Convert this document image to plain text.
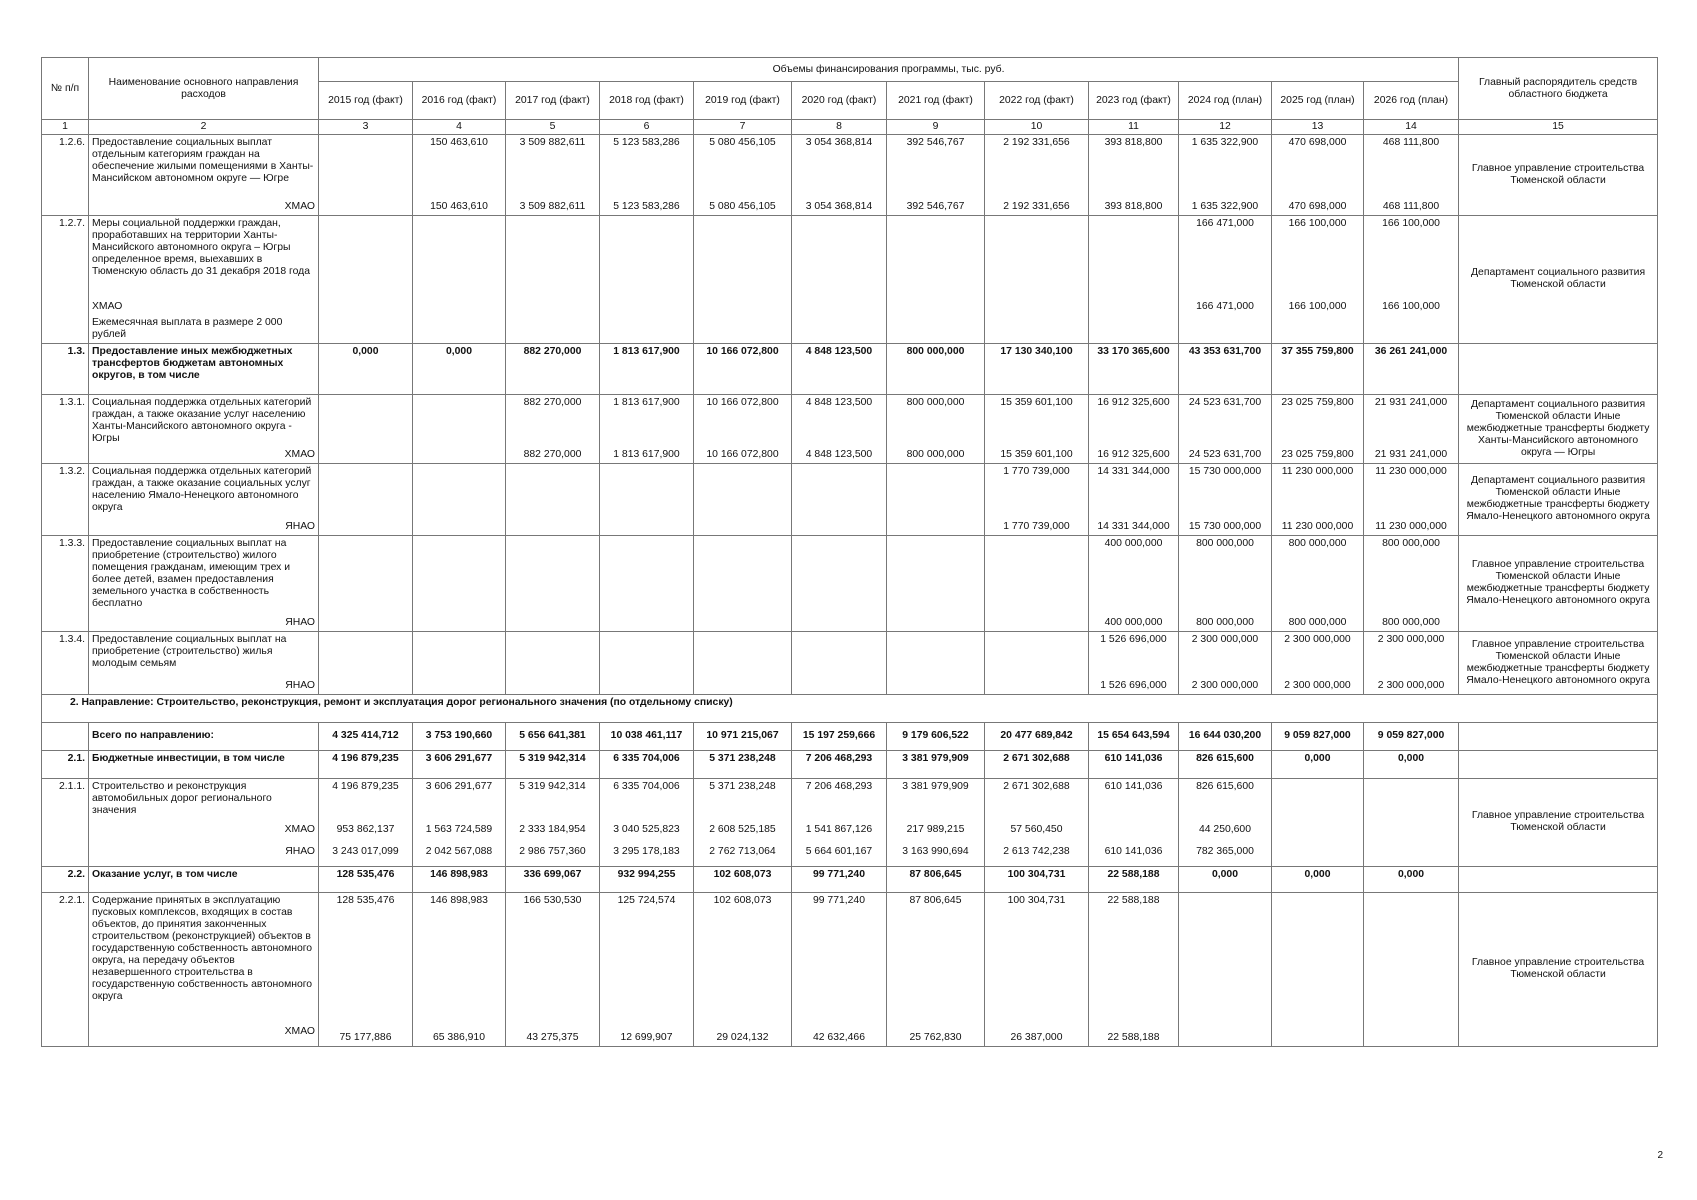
№ п/п	Наименование основного направления расходов	Объемы финансирования программы, тыс. руб.												Главный распорядитель средств областного бюджета
		2015 год (факт)	2016 год (факт)	2017 год (факт)	2018 год (факт)	2019 год (факт)	2020 год (факт)	2021 год (факт)	2022 год (факт)	2023 год (факт)	2024 год (план)	2025 год (план)	2026 год (план)	
1	2	3	4	5	6	7	8	9	10	11	12	13	14	15
1.2.6.	Предоставление социальных выплат отдельным категориям граждан на обеспечение жилыми помещениями в Ханты-Мансийском автономном округе — Югре		150 463,610	3 509 882,611	5 123 583,286	5 080 456,105	3 054 368,814	392 546,767	2 192 331,656	393 818,800	1 635 322,900	470 698,000	468 111,800	Главное управление строительства Тюменской области
	ХМАО		150 463,610	3 509 882,611	5 123 583,286	5 080 456,105	3 054 368,814	392 546,767	2 192 331,656	393 818,800	1 635 322,900	470 698,000	468 111,800	
1.2.7.	Меры социальной поддержки граждан, проработавших на территории Ханты-Мансийского автономного округа – Югры определенное время, выехавших в Тюменскую область до 31 декабря 2018 года										166 471,000	166 100,000	166 100,000	Департамент социального развития Тюменской области
	ХМАО										166 471,000	166 100,000	166 100,000	
	Ежемесячная выплата в размере 2 000 рублей													
1.3.	Предоставление иных межбюджетных трансфертов бюджетам автономных округов, в том числе	0,000	0,000	882 270,000	1 813 617,900	10 166 072,800	4 848 123,500	800 000,000	17 130 340,100	33 170 365,600	43 353 631,700	37 355 759,800	36 261 241,000	
1.3.1.	Социальная поддержка отдельных категорий граждан, а также оказание услуг населению Ханты-Мансийского автономного округа - Югры			882 270,000	1 813 617,900	10 166 072,800	4 848 123,500	800 000,000	15 359 601,100	16 912 325,600	24 523 631,700	23 025 759,800	21 931 241,000	Департамент социального развития Тюменской области Иные межбюджетные трансферты бюджету Ханты-Мансийского автономного округа — Югры
	ХМАО			882 270,000	1 813 617,900	10 166 072,800	4 848 123,500	800 000,000	15 359 601,100	16 912 325,600	24 523 631,700	23 025 759,800	21 931 241,000	
1.3.2.	Социальная поддержка отдельных категорий граждан, а также оказание социальных услуг населению Ямало-Ненецкого автономного округа								1 770 739,000	14 331 344,000	15 730 000,000	11 230 000,000	11 230 000,000	Департамент социального развития Тюменской области Иные межбюджетные трансферты бюджету Ямало-Ненецкого автономного округа
	ЯНАО								1 770 739,000	14 331 344,000	15 730 000,000	11 230 000,000	11 230 000,000	
1.3.3.	Предоставление социальных выплат на приобретение (строительство) жилого помещения гражданам, имеющим трех и более детей, взамен предоставления земельного участка в собственность бесплатно									400 000,000	800 000,000	800 000,000	800 000,000	Главное управление строительства Тюменской области Иные межбюджетные трансферты бюджету Ямало-Ненецкого автономного округа
	ЯНАО									400 000,000	800 000,000	800 000,000	800 000,000	
1.3.4.	Предоставление социальных выплат на приобретение (строительство) жилья молодым семьям									1 526 696,000	2 300 000,000	2 300 000,000	2 300 000,000	Главное управление строительства Тюменской области Иные межбюджетные трансферты бюджету Ямало-Ненецкого автономного округа
	ЯНАО									1 526 696,000	2 300 000,000	2 300 000,000	2 300 000,000	
2. Направление: Строительство, реконструкция, ремонт и эксплуатация дорог регионального значения (по отдельному списку)														
	Всего по направлению:	4 325 414,712	3 753 190,660	5 656 641,381	10 038 461,117	10 971 215,067	15 197 259,666	9 179 606,522	20 477 689,842	15 654 643,594	16 644 030,200	9 059 827,000	9 059 827,000	
2.1.	Бюджетные инвестиции, в том числе	4 196 879,235	3 606 291,677	5 319 942,314	6 335 704,006	5 371 238,248	7 206 468,293	3 381 979,909	2 671 302,688	610 141,036	826 615,600	0,000	0,000	
2.1.1.	Строительство и реконструкция автомобильных дорог регионального значения	4 196 879,235	3 606 291,677	5 319 942,314	6 335 704,006	5 371 238,248	7 206 468,293	3 381 979,909	2 671 302,688	610 141,036	826 615,600			Главное управление строительства Тюменской области
	ХМАО	953 862,137	1 563 724,589	2 333 184,954	3 040 525,823	2 608 525,185	1 541 867,126	217 989,215	57 560,450		44 250,600			
	ЯНАО	3 243 017,099	2 042 567,088	2 986 757,360	3 295 178,183	2 762 713,064	5 664 601,167	3 163 990,694	2 613 742,238	610 141,036	782 365,000			
2.2.	Оказание услуг, в том числе	128 535,476	146 898,983	336 699,067	932 994,255	102 608,073	99 771,240	87 806,645	100 304,731	22 588,188	0,000	0,000	0,000	
2.2.1.	Содержание принятых в эксплуатацию пусковых комплексов, входящих в состав объектов, до принятия законченных строительством (реконструкцией) объектов в государственную собственность автономного округа, на передачу объектов незавершенного строительства в государственную собственность автономного округа	128 535,476	146 898,983	166 530,530	125 724,574	102 608,073	99 771,240	87 806,645	100 304,731	22 588,188				Главное управление строительства Тюменской области
	ХМАО	75 177,886	65 386,910	43 275,375	12 699,907	29 024,132	42 632,466	25 762,830	26 387,000	22 588,188				
2
